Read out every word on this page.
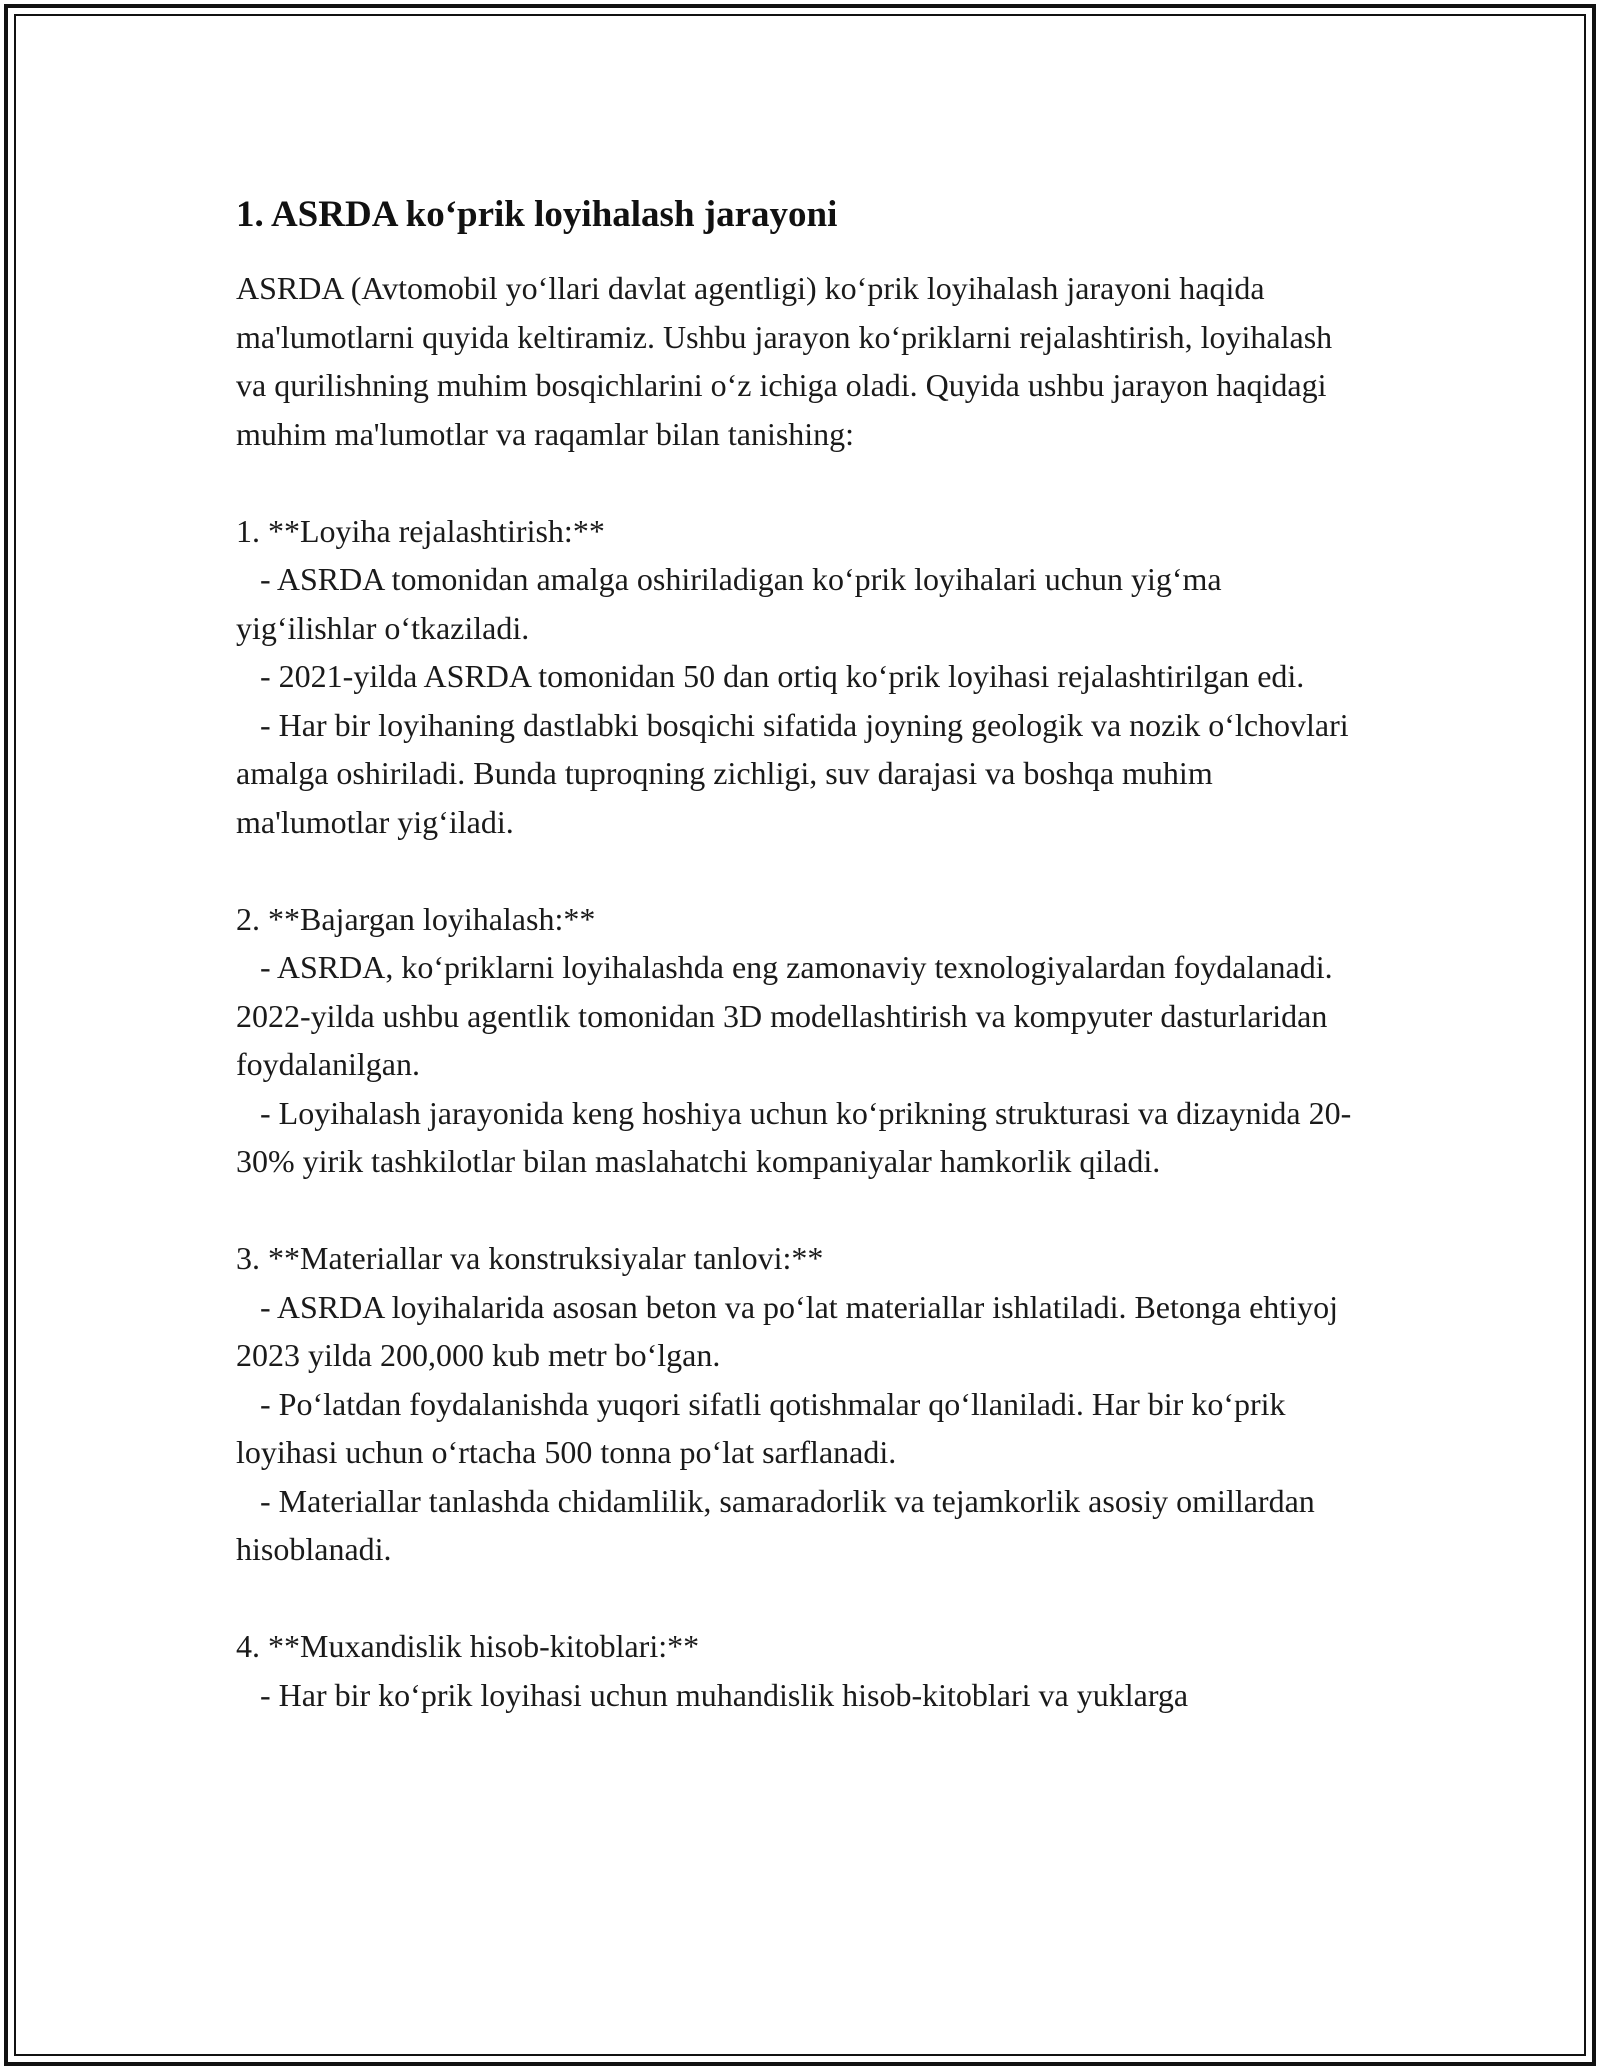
1. ASRDA ko‘prik loyihalash jarayoni

ASRDA (Avtomobil yo‘llari davlat agentligi) ko‘prik loyihalash jarayoni haqida ma'lumotlarni quyida keltiramiz. Ushbu jarayon ko‘priklarni rejalashtirish, loyihalash va qurilishning muhim bosqichlarini o‘z ichiga oladi. Quyida ushbu jarayon haqidagi muhim ma'lumotlar va raqamlar bilan tanishing:

1. **Loyiha rejalashtirish:**

- ASRDA tomonidan amalga oshiriladigan ko‘prik loyihalari uchun yig‘ma yig‘ilishlar o‘tkaziladi.

- 2021-yilda ASRDA tomonidan 50 dan ortiq ko‘prik loyihasi rejalashtirilgan edi.

- Har bir loyihaning dastlabki bosqichi sifatida joyning geologik va nozik o‘lchovlari amalga oshiriladi. Bunda tuproqning zichligi, suv darajasi va boshqa muhim ma'lumotlar yig‘iladi.

2. **Bajargan loyihalash:**

- ASRDA, ko‘priklarni loyihalashda eng zamonaviy texnologiyalardan foydalanadi. 2022-yilda ushbu agentlik tomonidan 3D modellashtirish va kompyuter dasturlaridan foydalanilgan.

- Loyihalash jarayonida keng hoshiya uchun ko‘prikning strukturasi va dizaynida 20-30% yirik tashkilotlar bilan maslahatchi kompaniyalar hamkorlik qiladi.

3. **Materiallar va konstruksiyalar tanlovi:**

- ASRDA loyihalarida asosan beton va po‘lat materiallar ishlatiladi. Betonga ehtiyoj 2023 yilda 200,000 kub metr bo‘lgan.

- Po‘latdan foydalanishda yuqori sifatli qotishmalar qo‘llaniladi. Har bir ko‘prik loyihasi uchun o‘rtacha 500 tonna po‘lat sarflanadi.

- Materiallar tanlashda chidamlilik, samaradorlik va tejamkorlik asosiy omillardan hisoblanadi.

4. **Muxandislik hisob-kitoblari:**

- Har bir ko‘prik loyihasi uchun muhandislik hisob-kitoblari va yuklarga
